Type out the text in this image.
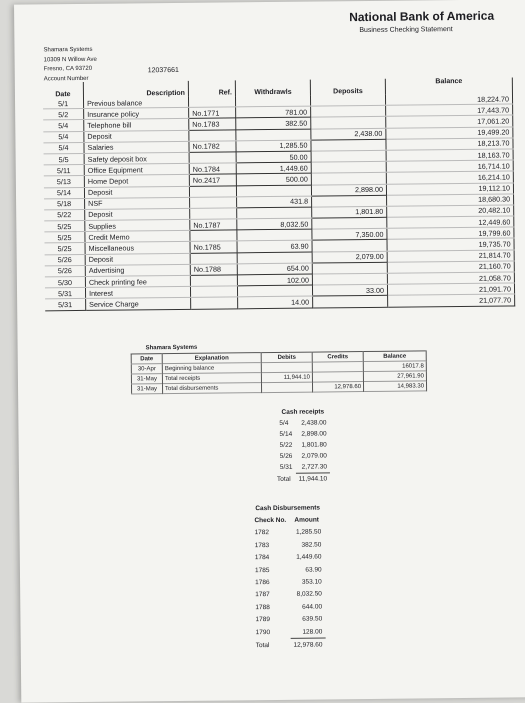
National Bank of America
Business Checking Statement
Shamara Systems
10309 N Willow Ave
Fresno, CA 93720
Account Number
12037661
Date	Description	Ref.	Withdrawls	Deposits	Balance
5/1	Previous balance				18,224.70
5/2	Insurance policy	No.1771	781.00		17,443.70
5/4	Telephone bill	No.1783	382.50		17,061.20
5/4	Deposit			2,438.00	19,499.20
5/4	Salaries	No.1782	1,285.50		18,213.70
5/5	Safety deposit box		50.00		18,163.70
5/11	Office Equipment	No.1784	1,449.60		16,714.10
5/13	Home Depot	No.2417	500.00		16,214.10
5/14	Deposit			2,898.00	19,112.10
5/18	NSF		431.8		18,680.30
5/22	Deposit			1,801.80	20,482.10
5/25	Supplies	No.1787	8,032.50		12,449.60
5/25	Credit Memo			7,350.00	19,799.60
5/25	Miscellaneous	No.1785	63.90		19,735.70
5/26	Deposit			2,079.00	21,814.70
5/26	Advertising	No.1788	654.00		21,160.70
5/30	Check printing fee		102.00		21,058.70
5/31	Interest			33.00	21,091.70
5/31	Service Charge		14.00		21,077.70
Shamara Systems
Date	Explanation	Debits	Credits	Balance
30-Apr	Beginning balance			16017.8
31-May	Total receipts	11,944.10		27,961.90
31-May	Total disbursements		12,978.60	14,983.30
Cash receipts	
5/4	2,438.00
5/14	2,898.00
5/22	1,801.80
5/26	2,079.00
5/31	2,727.30
Total	11,944.10
Cash Disbursements	
Check No.	Amount
1782	1,285.50
1783	382.50
1784	1,449.60
1785	63.90
1786	353.10
1787	8,032.50
1788	644.00
1789	639.50
1790	128.00
Total	12,978.60
